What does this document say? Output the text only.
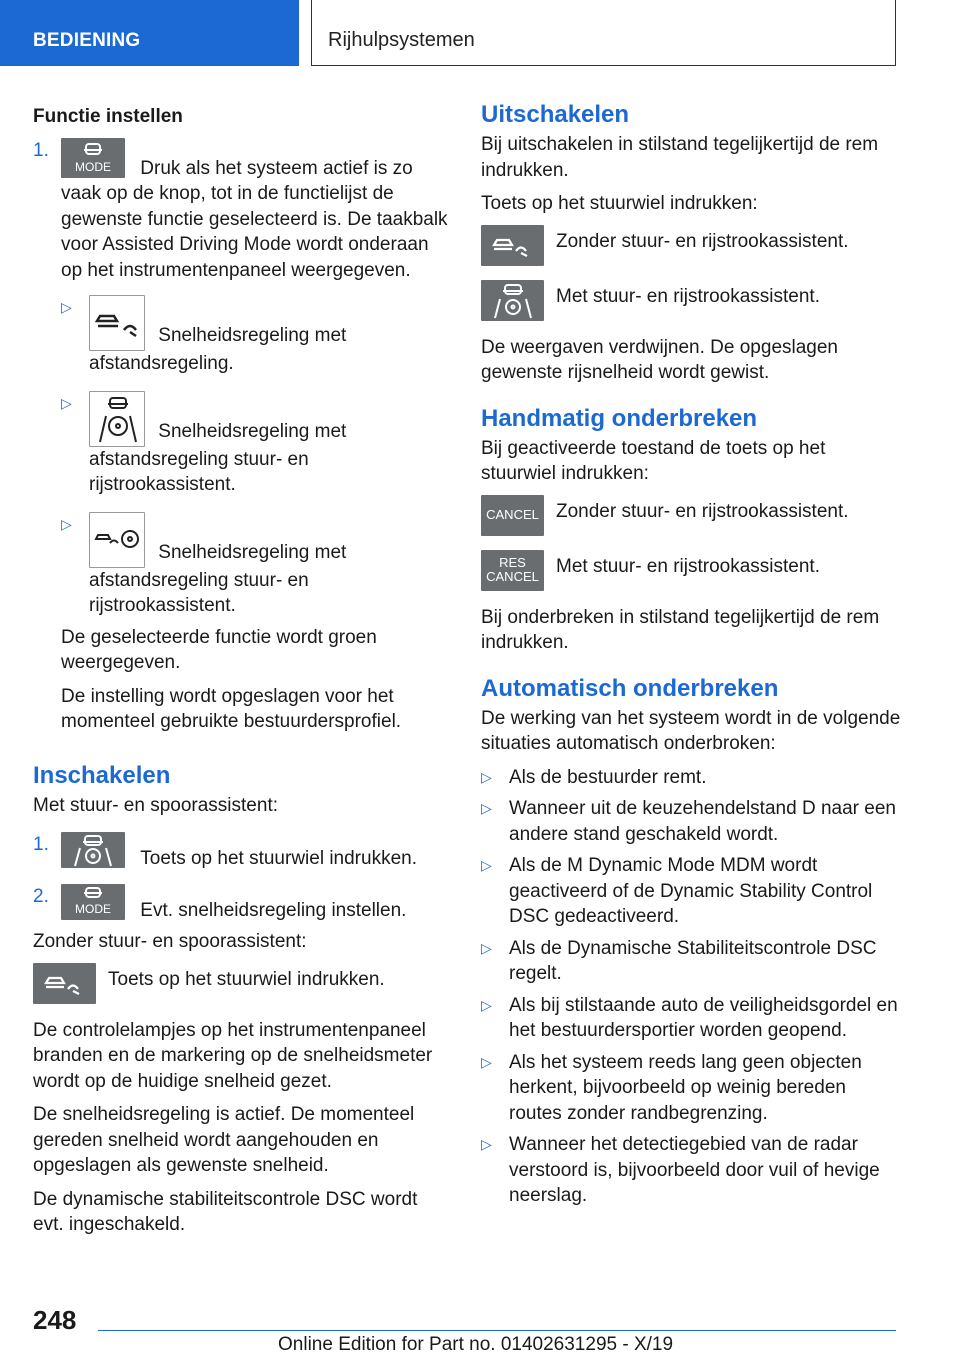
BEDIENING	Rijhulpsystemen
Functie instellen
1.
MODE	Druk als het systeem actief is zo vaak op de knop, tot in de functielijst de gewenste functie geselecteerd is. De taakbalk voor Assisted Driving Mode wordt onderaan op het instrumentenpaneel weergegeven.
▷
Snelheidsregeling met afstandsregeling.
▷
Snelheidsregeling met afstandsregeling stuur- en rijstrookassistent.
▷
Snelheidsregeling met afstandsregeling stuur- en rijstrookassistent.

De geselecteerde functie wordt groen weergegeven.

De instelling wordt opgeslagen voor het momenteel gebruikte bestuurdersprofiel.

Inschakelen

Met stuur- en spoorassistent:

1.
Toets op het stuurwiel indrukken.
2.
MODE	Evt. snelheidsregeling instellen.

Zonder stuur- en spoorassistent:

Toets op het stuurwiel indrukken.

De controlelampjes op het instrumentenpaneel branden en de markering op de snelheidsmeter wordt op de huidige snelheid gezet.

De snelheidsregeling is actief. De momenteel gereden snelheid wordt aangehouden en opgeslagen als gewenste snelheid.

De dynamische stabiliteitscontrole DSC wordt evt. ingeschakeld.

Uitschakelen

Bij uitschakelen in stilstand tegelijkertijd de rem indrukken.

Toets op het stuurwiel indrukken:

Zonder stuur- en rijstrookassistent.
Met stuur- en rijstrookassistent.

De weergaven verdwijnen. De opgeslagen gewenste rijsnelheid wordt gewist.

Handmatig onderbreken

Bij geactiveerde toestand de toets op het stuurwiel indrukken:

CANCEL Zonder stuur- en rijstrookassistent.
RES
CANCEL Met stuur- en rijstrookassistent.

Bij onderbreken in stilstand tegelijkertijd de rem indrukken.

Automatisch onderbreken

De werking van het systeem wordt in de volgende situaties automatisch onderbroken:

▷ Als de bestuurder remt.
▷ Wanneer uit de keuzehendelstand D naar een andere stand geschakeld wordt.
▷ Als de M Dynamic Mode MDM wordt geactiveerd of de Dynamic Stability Control DSC gedeactiveerd.
▷ Als de Dynamische Stabiliteitscontrole DSC regelt.
▷ Als bij stilstaande auto de veiligheidsgordel en het bestuurdersportier worden geopend.
▷ Als het systeem reeds lang geen objecten herkent, bijvoorbeeld op weinig bereden routes zonder randbegrenzing.
▷ Wanneer het detectiegebied van de radar verstoord is, bijvoorbeeld door vuil of hevige neerslag.
248
Online Edition for Part no. 01402631295 - X/19
